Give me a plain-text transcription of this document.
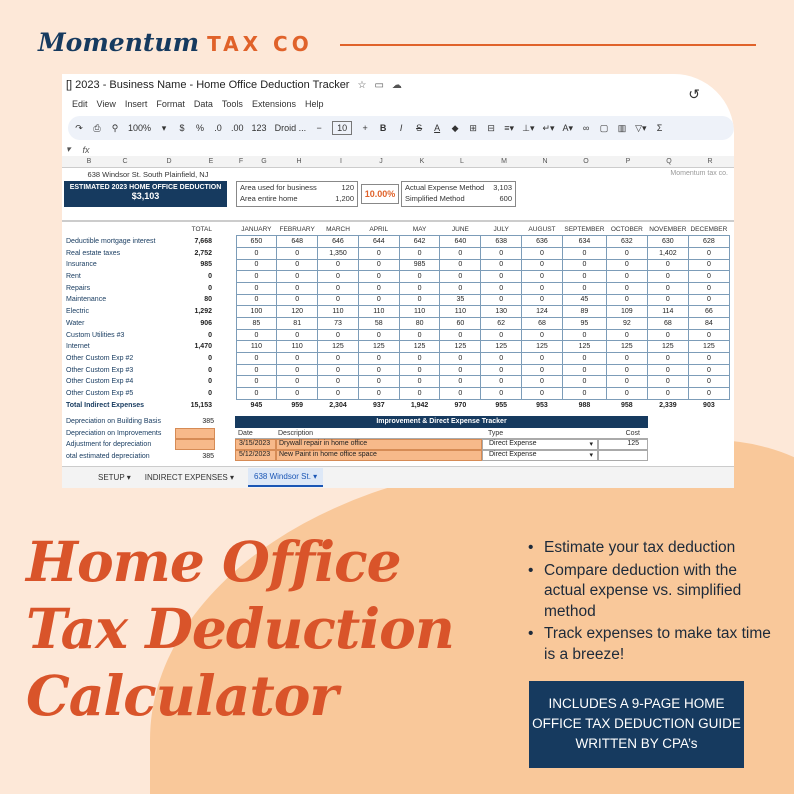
Momentum TAX CO
[] 2023 - Business Name - Home Office Deduction Tracker ☆ ▭ ☁
↺
Edit View Insert Format Data Tools Extensions Help
↷ ⎙ ⚲ 100%	▾	$ % .0 .00 123 Droid ... −	10	+ B I S A ◆ ⊞ ⊟ ≡▾ ⊥▾ ↵▾ A▾ ∞ ▢ ▥ ▽▾ Σ
▾ fx
B	C	D	E	F	G	H	I	J	K	L	M	N	O	P	Q	R
638 Windsor St. South Plainfield, NJ	Momentum tax co.
ESTIMATED 2023 HOME OFFICE DEDUCTION
$3,103
Area used for business	120
Area entire home	1,200	10.00%
Actual Expense Method 3,103
Simplified Method	600
	TOTAL		JANUARY	FEBRUARY	MARCH	APRIL	MAY	JUNE	JULY	AUGUST	SEPTEMBER	OCTOBER	NOVEMBER	DECEMBER
Deductible mortgage interest	7,668		650	648	646	644	642	640	638	636	634	632	630	628
Real estate taxes	2,752		0	0	1,350	0	0	0	0	0	0	0	1,402	0
Insurance	985		0	0	0	0	985	0	0	0	0	0	0	0
Rent	0		0	0	0	0	0	0	0	0	0	0	0	0
Repairs	0		0	0	0	0	0	0	0	0	0	0	0	0
Maintenance	80		0	0	0	0	0	35	0	0	45	0	0	0
Electric	1,292		100	120	110	110	110	110	130	124	89	109	114	66
Water	906		85	81	73	58	80	60	62	68	95	92	68	84
Custom Utilities #3	0		0	0	0	0	0	0	0	0	0	0	0	0
Internet	1,470		110	110	125	125	125	125	125	125	125	125	125	125
Other Custom Exp #2	0		0	0	0	0	0	0	0	0	0	0	0	0
Other Custom Exp #3	0		0	0	0	0	0	0	0	0	0	0	0	0
Other Custom Exp #4	0		0	0	0	0	0	0	0	0	0	0	0	0
Other Custom Exp #5	0		0	0	0	0	0	0	0	0	0	0	0	0
Total Indirect Expenses	15,153		945	959	2,304	937	1,942	970	955	953	988	958	2,339	903
Depreciation on Building Basis	385
Depreciation on Improvements
Adjustment for depreciation
otal estimated depreciation	385
Improvement & Direct Expense Tracker
Date	Description	Type	Cost
3/15/2023	Drywall repair in home office	Direct Expense	▾	125
5/12/2023	New Paint in home office space	Direct Expense	▾
SETUP ▾ INDIRECT EXPENSES ▾	638 Windsor St. ▾
Home Office
Tax Deduction
Calculator
• Estimate your tax deduction
• Compare deduction with the actual expense vs. simplified method
• Track expenses to make tax time is a breeze!
INCLUDES A 9-PAGE HOME OFFICE TAX DEDUCTION GUIDE WRITTEN BY CPA’s
